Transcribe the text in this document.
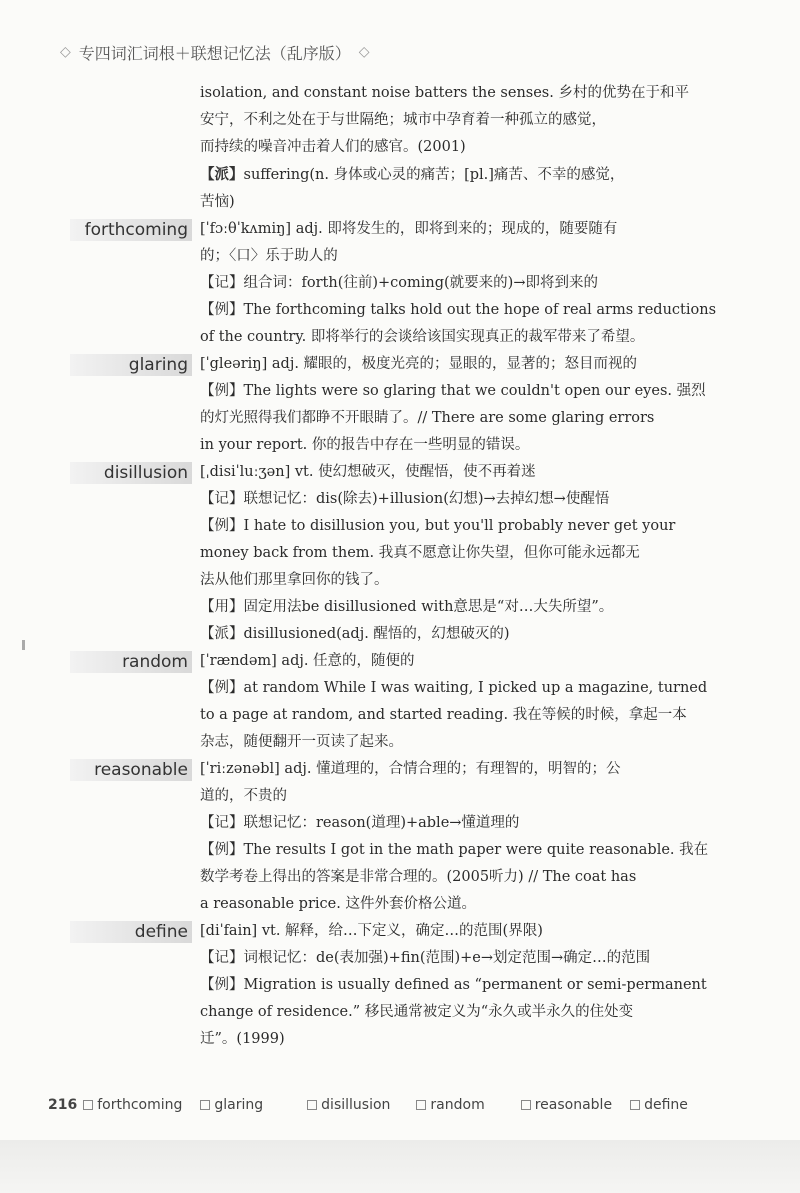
◇ 专四词汇词根＋联想记忆法（乱序版） ◇
isolation, and constant noise batters the senses. 乡村的优势在于和平
安宁，不利之处在于与世隔绝；城市中孕育着一种孤立的感觉，
而持续的噪音冲击着人们的感官。(2001)
【派】suffering(n. 身体或心灵的痛苦；[pl.]痛苦、不幸的感觉，
苦恼)
forthcoming [ˈfɔːθˈkʌmiŋ] adj. 即将发生的，即将到来的；现成的，随要随有
的；〈口〉乐于助人的
【记】组合词：forth(往前)+coming(就要来的)→即将到来的
【例】The forthcoming talks hold out the hope of real arms reductions
of the country. 即将举行的会谈给该国实现真正的裁军带来了希望。
glaring [ˈgleəriŋ] adj. 耀眼的，极度光亮的；显眼的，显著的；怒目而视的
【例】The lights were so glaring that we couldn't open our eyes. 强烈
的灯光照得我们都睁不开眼睛了。// There are some glaring errors
in your report. 你的报告中存在一些明显的错误。
disillusion [ˌdisiˈluːʒən] vt. 使幻想破灭，使醒悟，使不再着迷
【记】联想记忆：dis(除去)+illusion(幻想)→去掉幻想→使醒悟
【例】I hate to disillusion you, but you'll probably never get your
money back from them. 我真不愿意让你失望，但你可能永远都无
法从他们那里拿回你的钱了。
【用】固定用法be disillusioned with意思是“对…大失所望”。
【派】disillusioned(adj. 醒悟的，幻想破灭的)
random [ˈrændəm] adj. 任意的，随便的
【例】at random While I was waiting, I picked up a magazine, turned
to a page at random, and started reading. 我在等候的时候，拿起一本
杂志，随便翻开一页读了起来。
reasonable [ˈriːzənəbl] adj. 懂道理的，合情合理的；有理智的，明智的；公
道的，不贵的
【记】联想记忆：reason(道理)+able→懂道理的
【例】The results I got in the math paper were quite reasonable. 我在
数学考卷上得出的答案是非常合理的。(2005听力) // The coat has
a reasonable price. 这件外套价格公道。
define [diˈfain] vt. 解释，给…下定义，确定…的范围(界限)
【记】词根记忆：de(表加强)+fin(范围)+e→划定范围→确定…的范围
【例】Migration is usually defined as “permanent or semi-permanent
change of residence.” 移民通常被定义为“永久或半永久的住处变
迁”。(1999)
216	forthcoming	glaring	disillusion	random	reasonable	define
